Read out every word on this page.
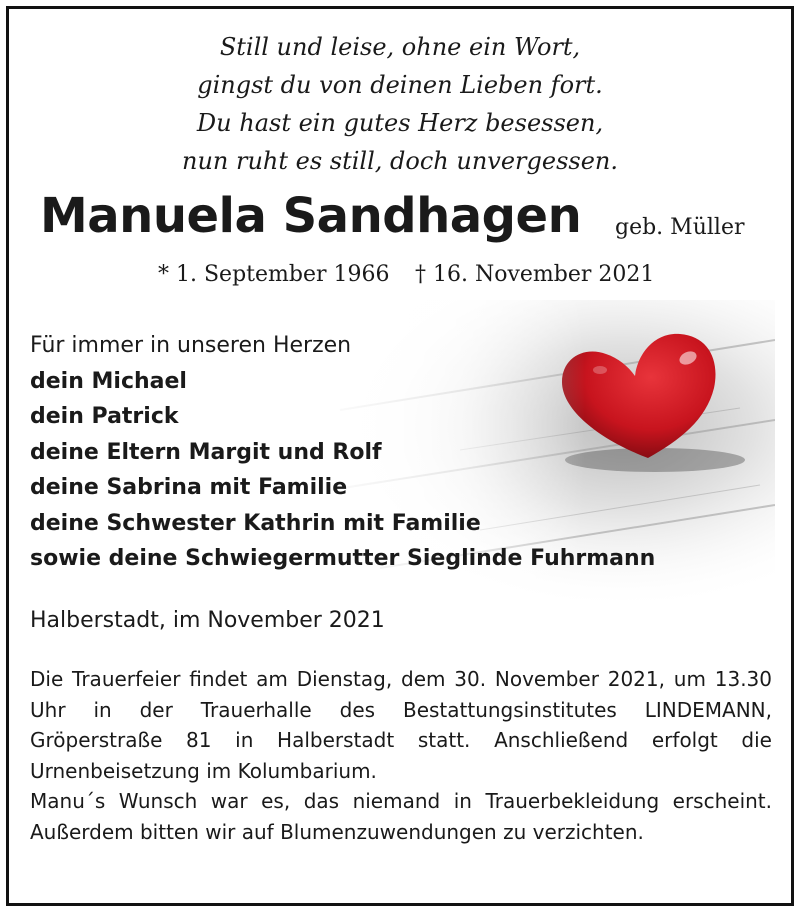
Still und leise, ohne ein Wort,
gingst du von deinen Lieben fort.
Du hast ein gutes Herz besessen,
nun ruht es still, doch unvergessen.
Manuela Sandhagen geb. Müller
* 1. September 1966 † 16. November 2021
Für immer in unseren Herzen
dein Michael
dein Patrick
deine Eltern Margit und Rolf
deine Sabrina mit Familie
deine Schwester Kathrin mit Familie
sowie deine Schwiegermutter Sieglinde Fuhrmann
Halberstadt, im November 2021

Die Trauerfeier findet am Dienstag, dem 30. November 2021, um 13.30 Uhr in der Trauerhalle des Bestattungsinstitutes LINDEMANN, Gröperstraße 81 in Halberstadt statt. Anschließend erfolgt die Urnenbeisetzung im Kolumbarium.

Manu´s Wunsch war es, das niemand in Trauerbekleidung erscheint. Außerdem bitten wir auf Blumenzuwendungen zu verzichten.
